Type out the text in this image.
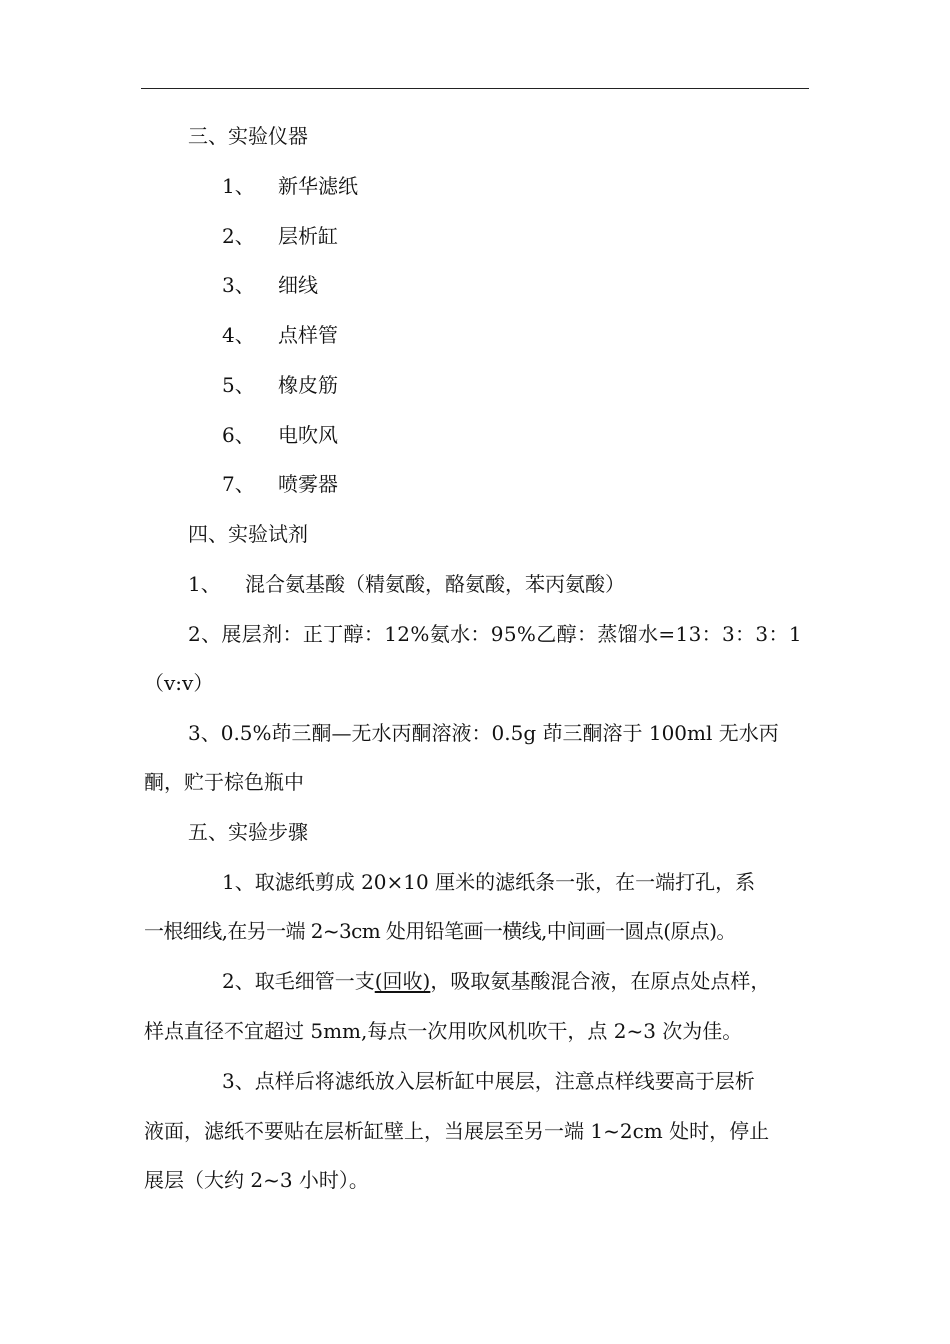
三、实验仪器
1、 新华滤纸
2、 层析缸
3、 细线
4、 点样管
5、 橡皮筋
6、 电吹风
7、 喷雾器
四、实验试剂
1、 混合氨基酸（精氨酸，酪氨酸，苯丙氨酸）
2、展层剂：正丁醇：12%氨水：95%乙醇：蒸馏水=13：3：3：1
（v:v）
3、0.5%茚三酮—无水丙酮溶液：0.5g 茚三酮溶于 100ml 无水丙
酮，贮于棕色瓶中
五、实验步骤
1、取滤纸剪成 20×10 厘米的滤纸条一张，在一端打孔，系
一根细线,在另一端 2~3cm 处用铅笔画一横线,中间画一圆点(原点)。
2、取毛细管一支(回收)，吸取氨基酸混合液，在原点处点样，
样点直径不宜超过 5mm,每点一次用吹风机吹干，点 2~3 次为佳。
3、点样后将滤纸放入层析缸中展层，注意点样线要高于层析
液面，滤纸不要贴在层析缸壁上，当展层至另一端 1~2cm 处时，停止
展层（大约 2~3 小时）。
